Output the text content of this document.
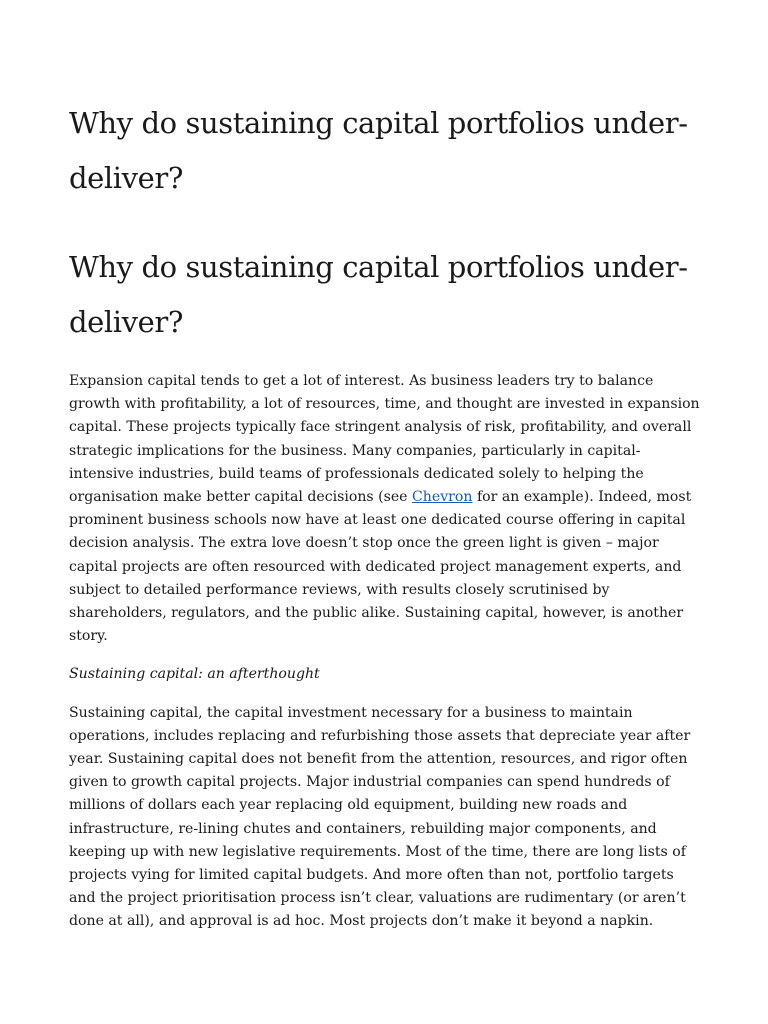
Why do sustaining capital portfolios under-deliver?
Why do sustaining capital portfolios under-deliver?

Expansion capital tends to get a lot of interest. As business leaders try to balance growth with profitability, a lot of resources, time, and thought are invested in expansion capital. These projects typically face stringent analysis of risk, profitability, and overall strategic implications for the business. Many companies, particularly in capital-intensive industries, build teams of professionals dedicated solely to helping the organisation make better capital decisions (see Chevron for an example). Indeed, most prominent business schools now have at least one dedicated course offering in capital decision analysis. The extra love doesn’t stop once the green light is given – major capital projects are often resourced with dedicated project management experts, and subject to detailed performance reviews, with results closely scrutinised by shareholders, regulators, and the public alike. Sustaining capital, however, is another story.

Sustaining capital: an afterthought

Sustaining capital, the capital investment necessary for a business to maintain operations, includes replacing and refurbishing those assets that depreciate year after year. Sustaining capital does not benefit from the attention, resources, and rigor often given to growth capital projects. Major industrial companies can spend hundreds of millions of dollars each year replacing old equipment, building new roads and infrastructure, re-lining chutes and containers, rebuilding major components, and keeping up with new legislative requirements. Most of the time, there are long lists of projects vying for limited capital budgets. And more often than not, portfolio targets and the project prioritisation process isn’t clear, valuations are rudimentary (or aren’t done at all), and approval is ad hoc. Most projects don’t make it beyond a napkin.
